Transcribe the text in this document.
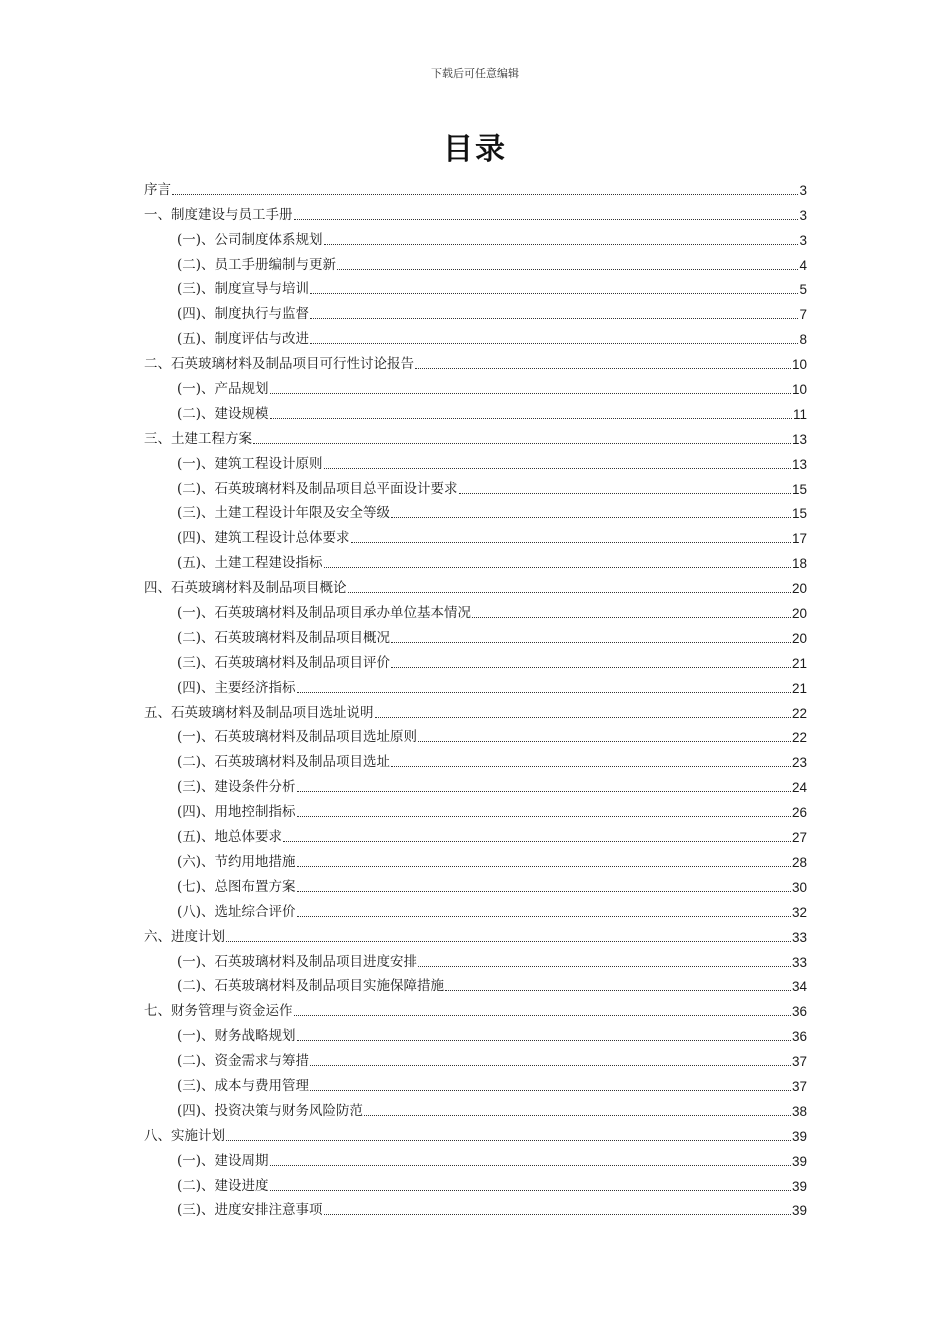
下载后可任意编辑
目录
序言	3
一、制度建设与员工手册	3
(一)、公司制度体系规划	3
(二)、员工手册编制与更新	4
(三)、制度宣导与培训	5
(四)、制度执行与监督	7
(五)、制度评估与改进	8
二、石英玻璃材料及制品项目可行性讨论报告	10
(一)、产品规划	10
(二)、建设规模	11
三、土建工程方案	13
(一)、建筑工程设计原则	13
(二)、石英玻璃材料及制品项目总平面设计要求	15
(三)、土建工程设计年限及安全等级	15
(四)、建筑工程设计总体要求	17
(五)、土建工程建设指标	18
四、石英玻璃材料及制品项目概论	20
(一)、石英玻璃材料及制品项目承办单位基本情况	20
(二)、石英玻璃材料及制品项目概况	20
(三)、石英玻璃材料及制品项目评价	21
(四)、主要经济指标	21
五、石英玻璃材料及制品项目选址说明	22
(一)、石英玻璃材料及制品项目选址原则	22
(二)、石英玻璃材料及制品项目选址	23
(三)、建设条件分析	24
(四)、用地控制指标	26
(五)、地总体要求	27
(六)、节约用地措施	28
(七)、总图布置方案	30
(八)、选址综合评价	32
六、进度计划	33
(一)、石英玻璃材料及制品项目进度安排	33
(二)、石英玻璃材料及制品项目实施保障措施	34
七、财务管理与资金运作	36
(一)、财务战略规划	36
(二)、资金需求与筹措	37
(三)、成本与费用管理	37
(四)、投资决策与财务风险防范	38
八、实施计划	39
(一)、建设周期	39
(二)、建设进度	39
(三)、进度安排注意事项	39
